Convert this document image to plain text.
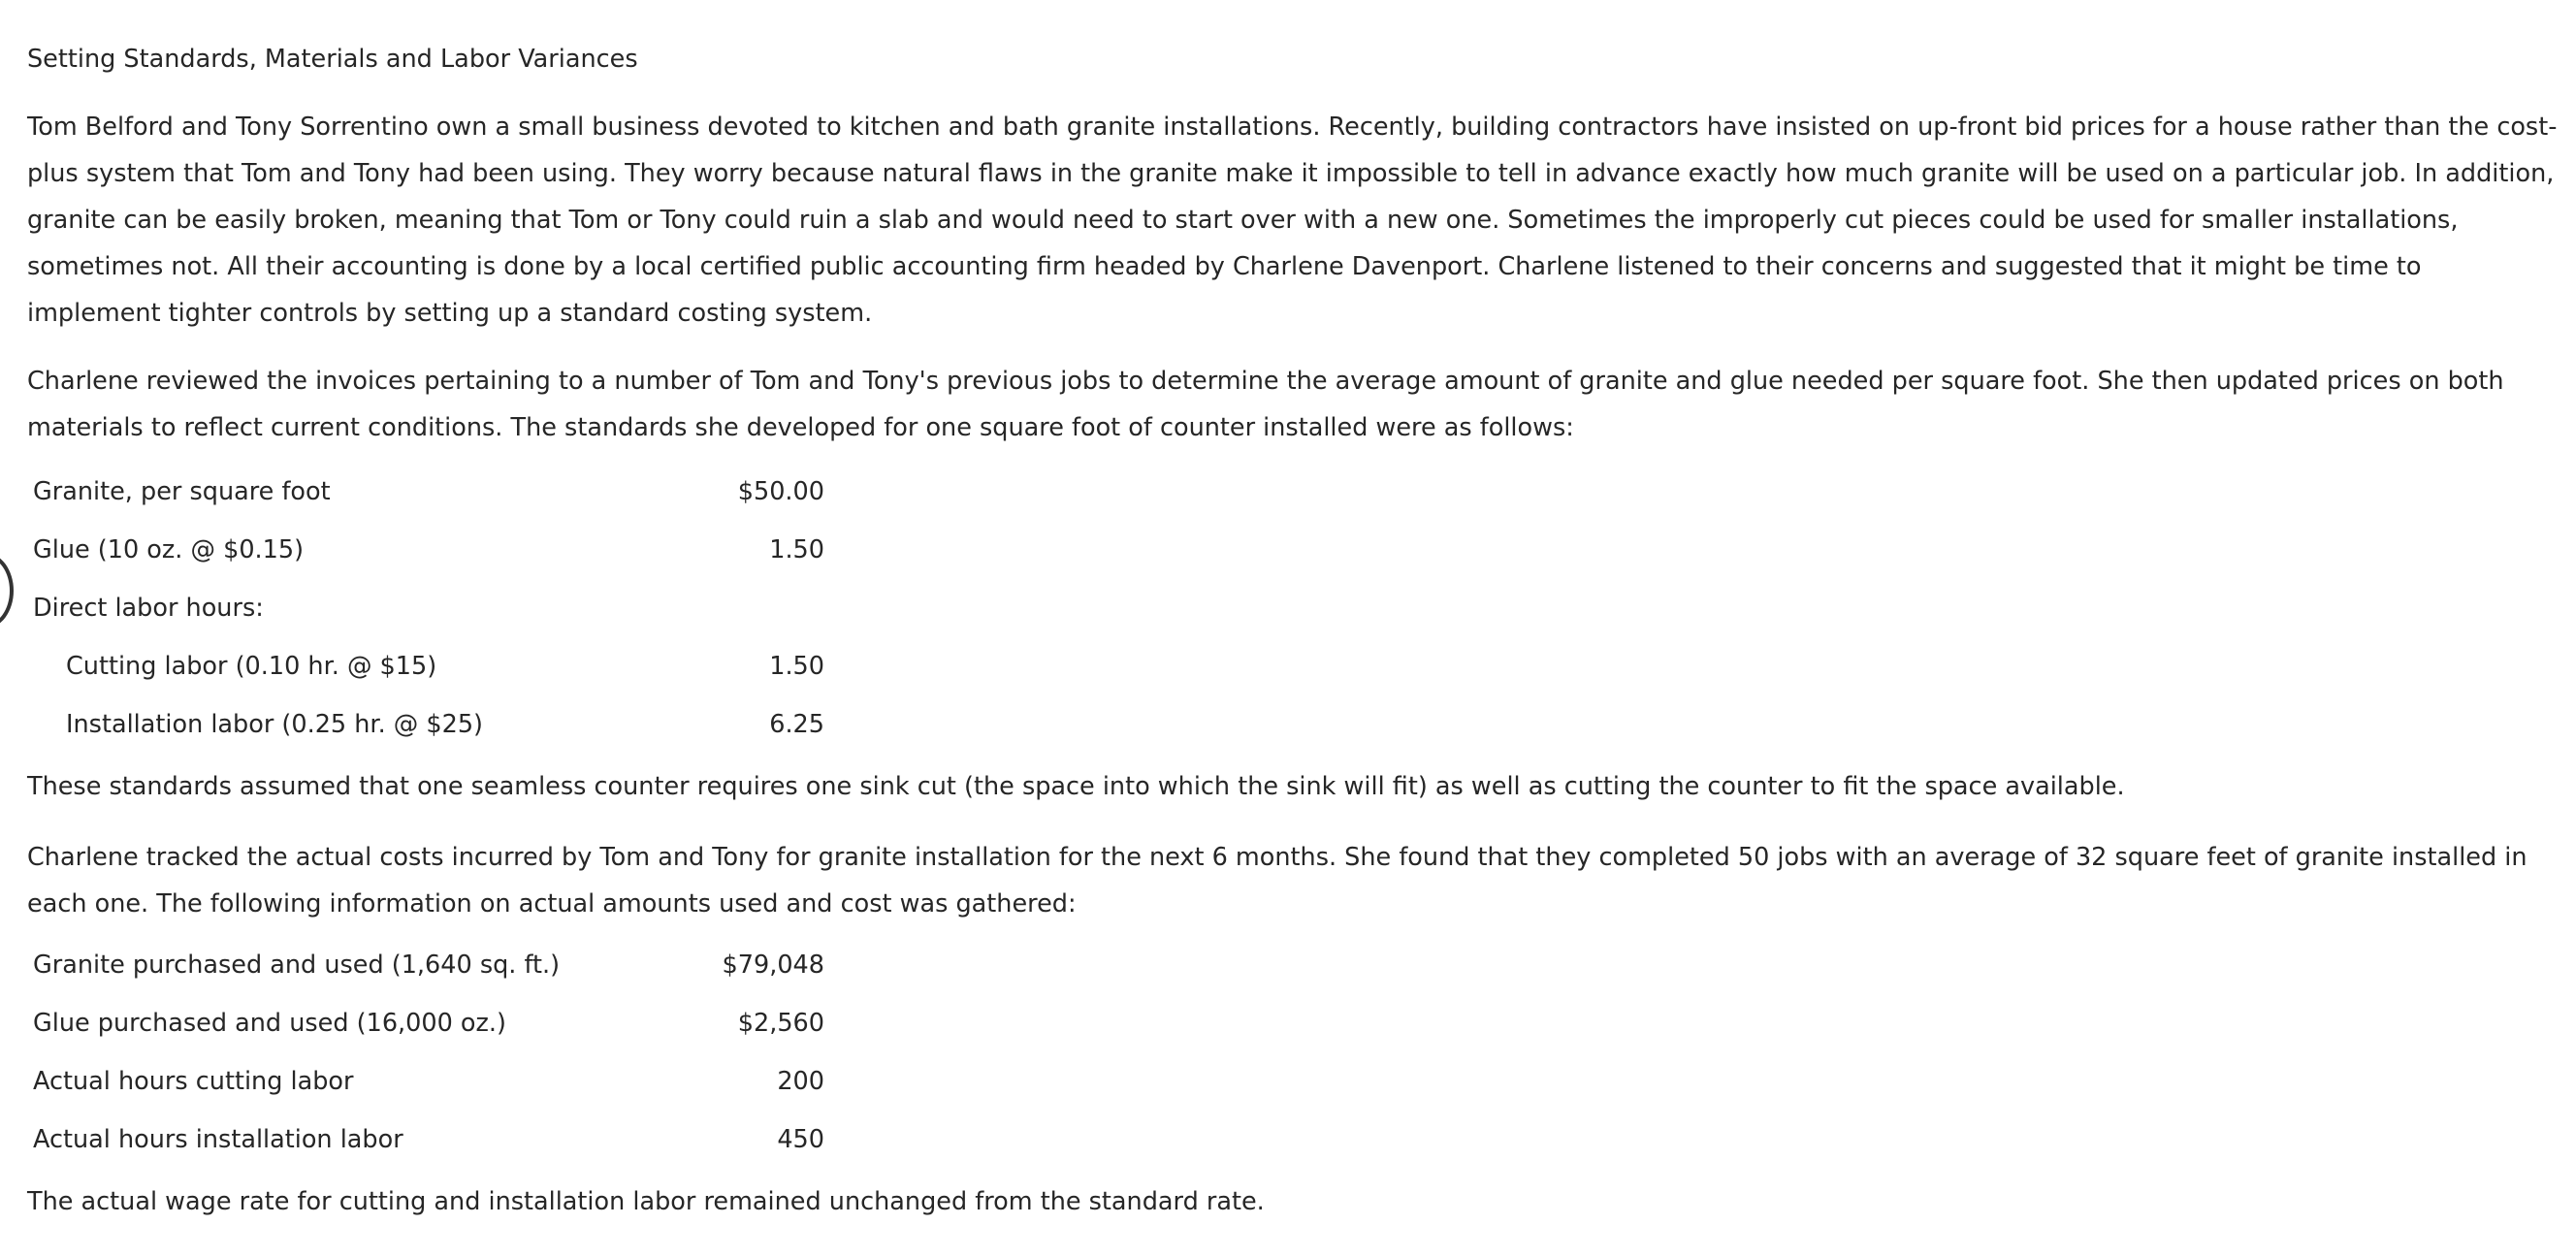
Setting Standards, Materials and Labor Variances

Tom Belford and Tony Sorrentino own a small business devoted to kitchen and bath granite installations. Recently, building contractors have insisted on up-front bid prices for a house rather than the cost-plus system that Tom and Tony had been using. They worry because natural flaws in the granite make it impossible to tell in advance exactly how much granite will be used on a particular job. In addition, granite can be easily broken, meaning that Tom or Tony could ruin a slab and would need to start over with a new one. Sometimes the improperly cut pieces could be used for smaller installations, sometimes not. All their accounting is done by a local certified public accounting firm headed by Charlene Davenport. Charlene listened to their concerns and suggested that it might be time to implement tighter controls by setting up a standard costing system.

Charlene reviewed the invoices pertaining to a number of Tom and Tony's previous jobs to determine the average amount of granite and glue needed per square foot. She then updated prices on both materials to reflect current conditions. The standards she developed for one square foot of counter installed were as follows:

Granite, per square foot	$50.00
Glue (10 oz. @ $0.15)	1.50
Direct labor hours:	
Cutting labor (0.10 hr. @ $15)	1.50
Installation labor (0.25 hr. @ $25)	6.25

These standards assumed that one seamless counter requires one sink cut (the space into which the sink will fit) as well as cutting the counter to fit the space available.

Charlene tracked the actual costs incurred by Tom and Tony for granite installation for the next 6 months. She found that they completed 50 jobs with an average of 32 square feet of granite installed in each one. The following information on actual amounts used and cost was gathered:

Granite purchased and used (1,640 sq. ft.)	$79,048
Glue purchased and used (16,000 oz.)	$2,560
Actual hours cutting labor	200
Actual hours installation labor	450

The actual wage rate for cutting and installation labor remained unchanged from the standard rate.
